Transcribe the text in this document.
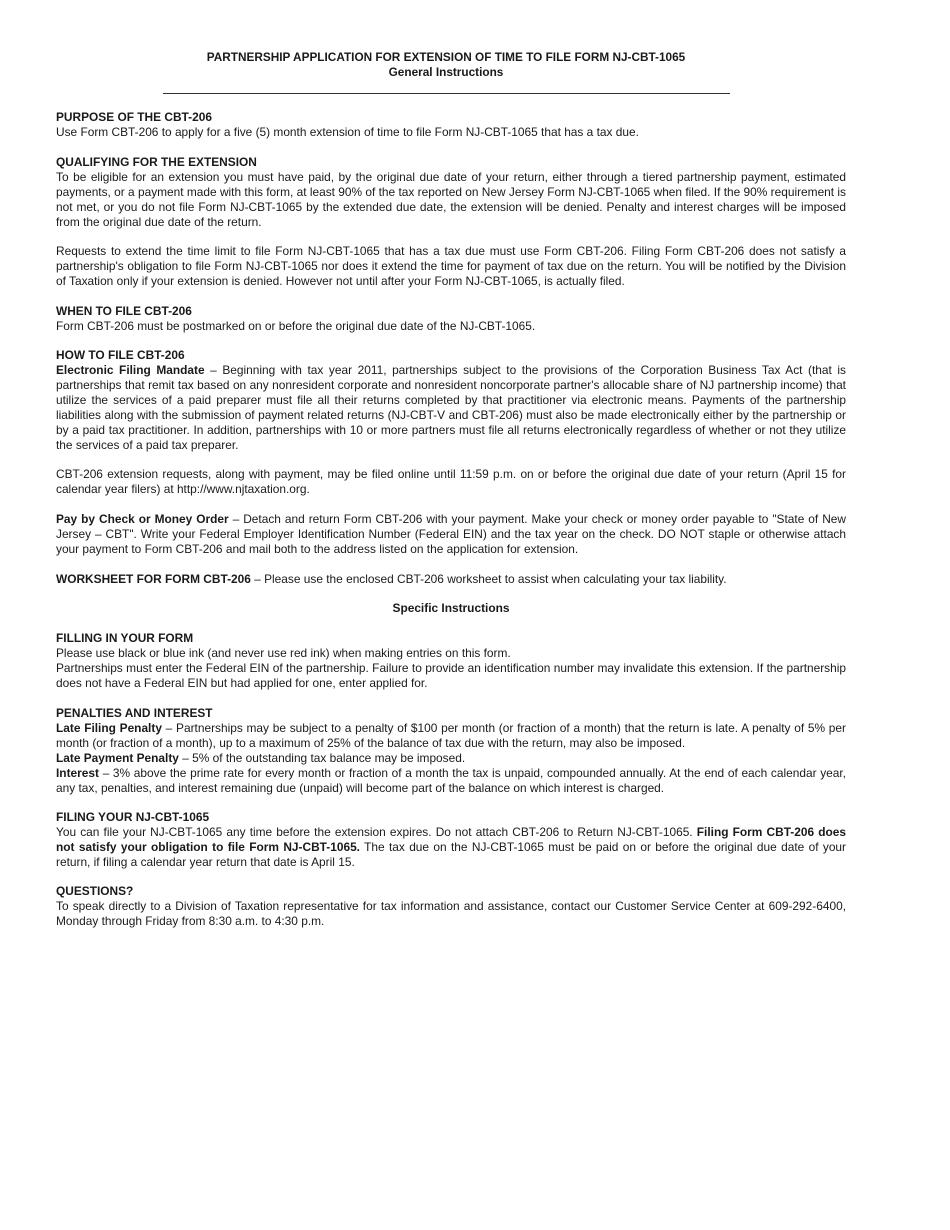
PARTNERSHIP APPLICATION FOR EXTENSION OF TIME TO FILE FORM NJ-CBT-1065
General Instructions

PURPOSE OF THE CBT-206

Use Form CBT-206 to apply for a five (5) month extension of time to file Form NJ-CBT-1065 that has a tax due.

QUALIFYING FOR THE EXTENSION

To be eligible for an extension you must have paid, by the original due date of your return, either through a tiered partnership payment, estimated payments, or a payment made with this form, at least 90% of the tax reported on New Jersey Form NJ-CBT-1065 when filed. If the 90% requirement is not met, or you do not file Form NJ-CBT-1065 by the extended due date, the extension will be denied. Penalty and interest charges will be imposed from the original due date of the return.

Requests to extend the time limit to file Form NJ-CBT-1065 that has a tax due must use Form CBT-206. Filing Form CBT-206 does not satisfy a partnership's obligation to file Form NJ-CBT-1065 nor does it extend the time for payment of tax due on the return. You will be notified by the Division of Taxation only if your extension is denied. However not until after your Form NJ-CBT-1065, is actually filed.

WHEN TO FILE CBT-206

Form CBT-206 must be postmarked on or before the original due date of the NJ-CBT-1065.

HOW TO FILE CBT-206

Electronic Filing Mandate – Beginning with tax year 2011, partnerships subject to the provisions of the Corporation Business Tax Act (that is partnerships that remit tax based on any nonresident corporate and nonresident noncorporate partner's allocable share of NJ partnership income) that utilize the services of a paid preparer must file all their returns completed by that practitioner via electronic means. Payments of the partnership liabilities along with the submission of payment related returns (NJ-CBT-V and CBT-206) must also be made electronically either by the partnership or by a paid tax practitioner. In addition, partnerships with 10 or more partners must file all returns electronically regardless of whether or not they utilize the services of a paid tax preparer.

CBT-206 extension requests, along with payment, may be filed online until 11:59 p.m. on or before the original due date of your return (April 15 for calendar year filers) at http://www.njtaxation.org.

Pay by Check or Money Order – Detach and return Form CBT-206 with your payment. Make your check or money order payable to "State of New Jersey – CBT". Write your Federal Employer Identification Number (Federal EIN) and the tax year on the check. DO NOT staple or otherwise attach your payment to Form CBT-206 and mail both to the address listed on the application for extension.

WORKSHEET FOR FORM CBT-206 – Please use the enclosed CBT-206 worksheet to assist when calculating your tax liability.

Specific Instructions

FILLING IN YOUR FORM

Please use black or blue ink (and never use red ink) when making entries on this form.

Partnerships must enter the Federal EIN of the partnership. Failure to provide an identification number may invalidate this extension. If the partnership does not have a Federal EIN but had applied for one, enter applied for.

PENALTIES AND INTEREST

Late Filing Penalty – Partnerships may be subject to a penalty of $100 per month (or fraction of a month) that the return is late. A penalty of 5% per month (or fraction of a month), up to a maximum of 25% of the balance of tax due with the return, may also be imposed.

Late Payment Penalty – 5% of the outstanding tax balance may be imposed.

Interest – 3% above the prime rate for every month or fraction of a month the tax is unpaid, compounded annually. At the end of each calendar year, any tax, penalties, and interest remaining due (unpaid) will become part of the balance on which interest is charged.

FILING YOUR NJ-CBT-1065

You can file your NJ-CBT-1065 any time before the extension expires. Do not attach CBT-206 to Return NJ-CBT-1065. Filing Form CBT-206 does not satisfy your obligation to file Form NJ-CBT-1065. The tax due on the NJ-CBT-1065 must be paid on or before the original due date of your return, if filing a calendar year return that date is April 15.

QUESTIONS?

To speak directly to a Division of Taxation representative for tax information and assistance, contact our Customer Service Center at 609-292-6400, Monday through Friday from 8:30 a.m. to 4:30 p.m.
